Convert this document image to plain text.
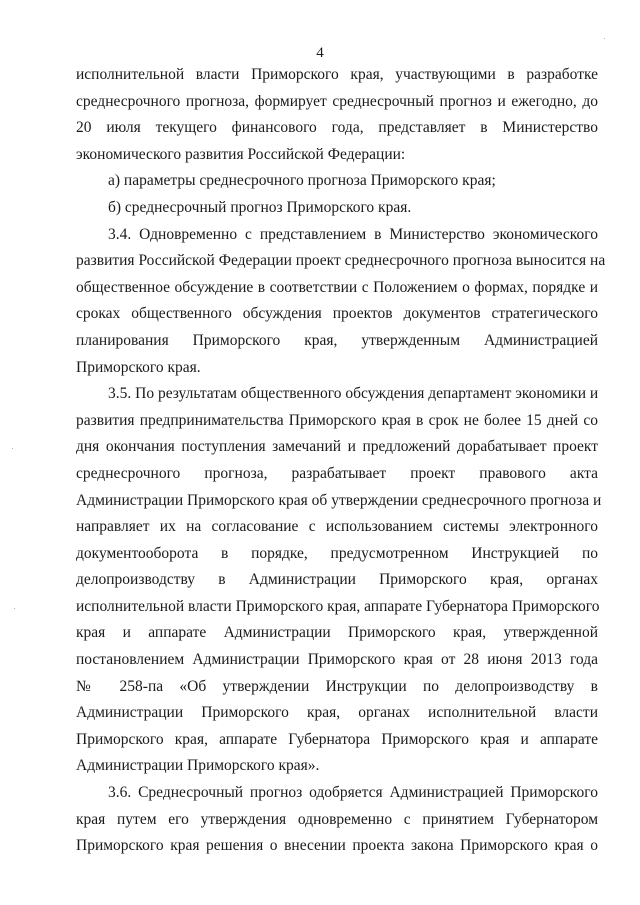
4
исполнительной власти Приморского края, участвующими в разработке
среднесрочного прогноза, формирует среднесрочный прогноз и ежегодно, до
20 июля текущего финансового года, представляет в Министерство
экономического развития Российской Федерации:
а) параметры среднесрочного прогноза Приморского края;
б) среднесрочный прогноз Приморского края.
3.4. Одновременно с представлением в Министерство экономического
развития Российской Федерации проект среднесрочного прогноза выносится на
общественное обсуждение в соответствии с Положением о формах, порядке и
сроках общественного обсуждения проектов документов стратегического
планирования Приморского края, утвержденным Администрацией
Приморского края.
3.5. По результатам общественного обсуждения департамент экономики и
развития предпринимательства Приморского края в срок не более 15 дней со
дня окончания поступления замечаний и предложений дорабатывает проект
среднесрочного прогноза, разрабатывает проект правового акта
Администрации Приморского края об утверждении среднесрочного прогноза и
направляет их на согласование с использованием системы электронного
документооборота в порядке, предусмотренном Инструкцией по
делопроизводству в Администрации Приморского края, органах
исполнительной власти Приморского края, аппарате Губернатора Приморского
края и аппарате Администрации Приморского края, утвержденной
постановлением Администрации Приморского края от 28 июня 2013 года
№ 258-па «Об утверждении Инструкции по делопроизводству в
Администрации Приморского края, органах исполнительной власти
Приморского края, аппарате Губернатора Приморского края и аппарате
Администрации Приморского края».
3.6. Среднесрочный прогноз одобряется Администрацией Приморского
края путем его утверждения одновременно с принятием Губернатором
Приморского края решения о внесении проекта закона Приморского края о
